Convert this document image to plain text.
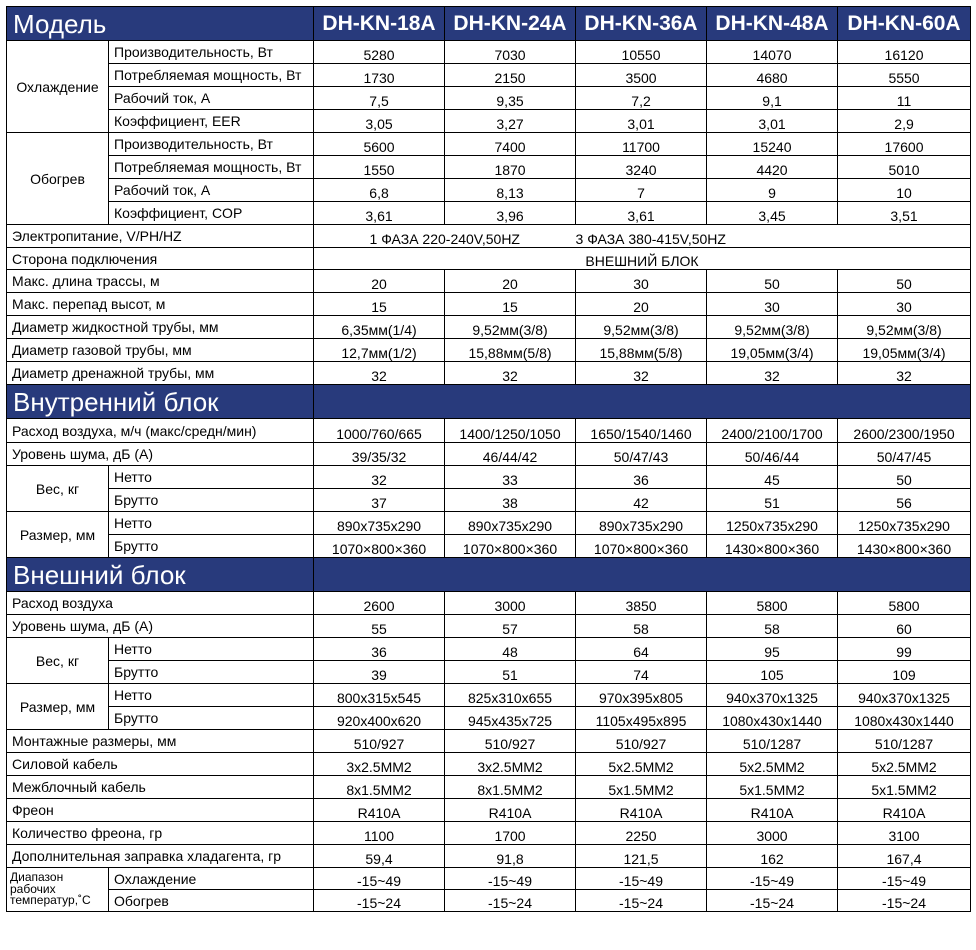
Модель		DH-KN-18A	DH-KN-24A	DH-KN-36A	DH-KN-48A	DH-KN-60A
Охлаждение	Производительность, Вт	5280	7030	10550	14070	16120
	Потребляемая мощность, Вт	1730	2150	3500	4680	5550
	Рабочий ток, А	7,5	9,35	7,2	9,1	11
	Коэффициент, EER	3,05	3,27	3,01	3,01	2,9
Обогрев	Производительность, Вт	5600	7400	11700	15240	17600
	Потребляемая мощность, Вт	1550	1870	3240	4420	5010
	Рабочий ток, А	6,8	8,13	7	9	10
	Коэффициент, COP	3,61	3,96	3,61	3,45	3,51
Электропитание, V/PH/HZ		1 ФАЗА 220-240V,50HZ		3 ФАЗА 380-415V,50HZ		
Сторона подключения		ВНЕШНИЙ БЛОК				
Макс. длина трассы, м		20	20	30	50	50
Макс. перепад высот, м		15	15	20	30	30
Диаметр жидкостной трубы, мм		6,35мм(1/4)	9,52мм(3/8)	9,52мм(3/8)	9,52мм(3/8)	9,52мм(3/8)
Диаметр газовой трубы, мм		12,7мм(1/2)	15,88мм(5/8)	15,88мм(5/8)	19,05мм(3/4)	19,05мм(3/4)
Диаметр дренажной трубы, мм		32	32	32	32	32
Внутренний блок						
Расход воздуха, м/ч (макс/средн/мин)		1000/760/665	1400/1250/1050	1650/1540/1460	2400/2100/1700	2600/2300/1950
Уровень шума, дБ (А)		39/35/32	46/44/42	50/47/43	50/46/44	50/47/45
Вес, кг	Нетто	32	33	36	45	50
	Брутто	37	38	42	51	56
Размер, мм	Нетто	890x735x290	890x735x290	890x735x290	1250x735x290	1250x735x290
	Брутто	1070×800×360	1070×800×360	1070×800×360	1430×800×360	1430×800×360
Внешний блок						
Расход воздуха		2600	3000	3850	5800	5800
Уровень шума, дБ (А)		55	57	58	58	60
Вес, кг	Нетто	36	48	64	95	99
	Брутто	39	51	74	105	109
Размер, мм	Нетто	800x315x545	825x310x655	970x395x805	940x370x1325	940x370x1325
	Брутто	920x400x620	945x435x725	1105x495x895	1080x430x1440	1080x430x1440
Монтажные размеры, мм		510/927	510/927	510/927	510/1287	510/1287
Силовой кабель		3x2.5MM2	3x2.5MM2	5x2.5MM2	5x2.5MM2	5x2.5MM2
Межблочный кабель		8x1.5MM2	8x1.5MM2	5x1.5MM2	5x1.5MM2	5x1.5MM2
Фреон		R410A	R410A	R410A	R410A	R410A
Количество фреона, гр		1100	1700	2250	3000	3100
Дополнительная заправка хладагента, гр		59,4	91,8	121,5	162	167,4

Диапазон
рабочих
температур,˚С	Охлаждение	-15~49	-15~49	-15~49	-15~49	-15~49
	Обогрев	-15~24	-15~24	-15~24	-15~24	-15~24
